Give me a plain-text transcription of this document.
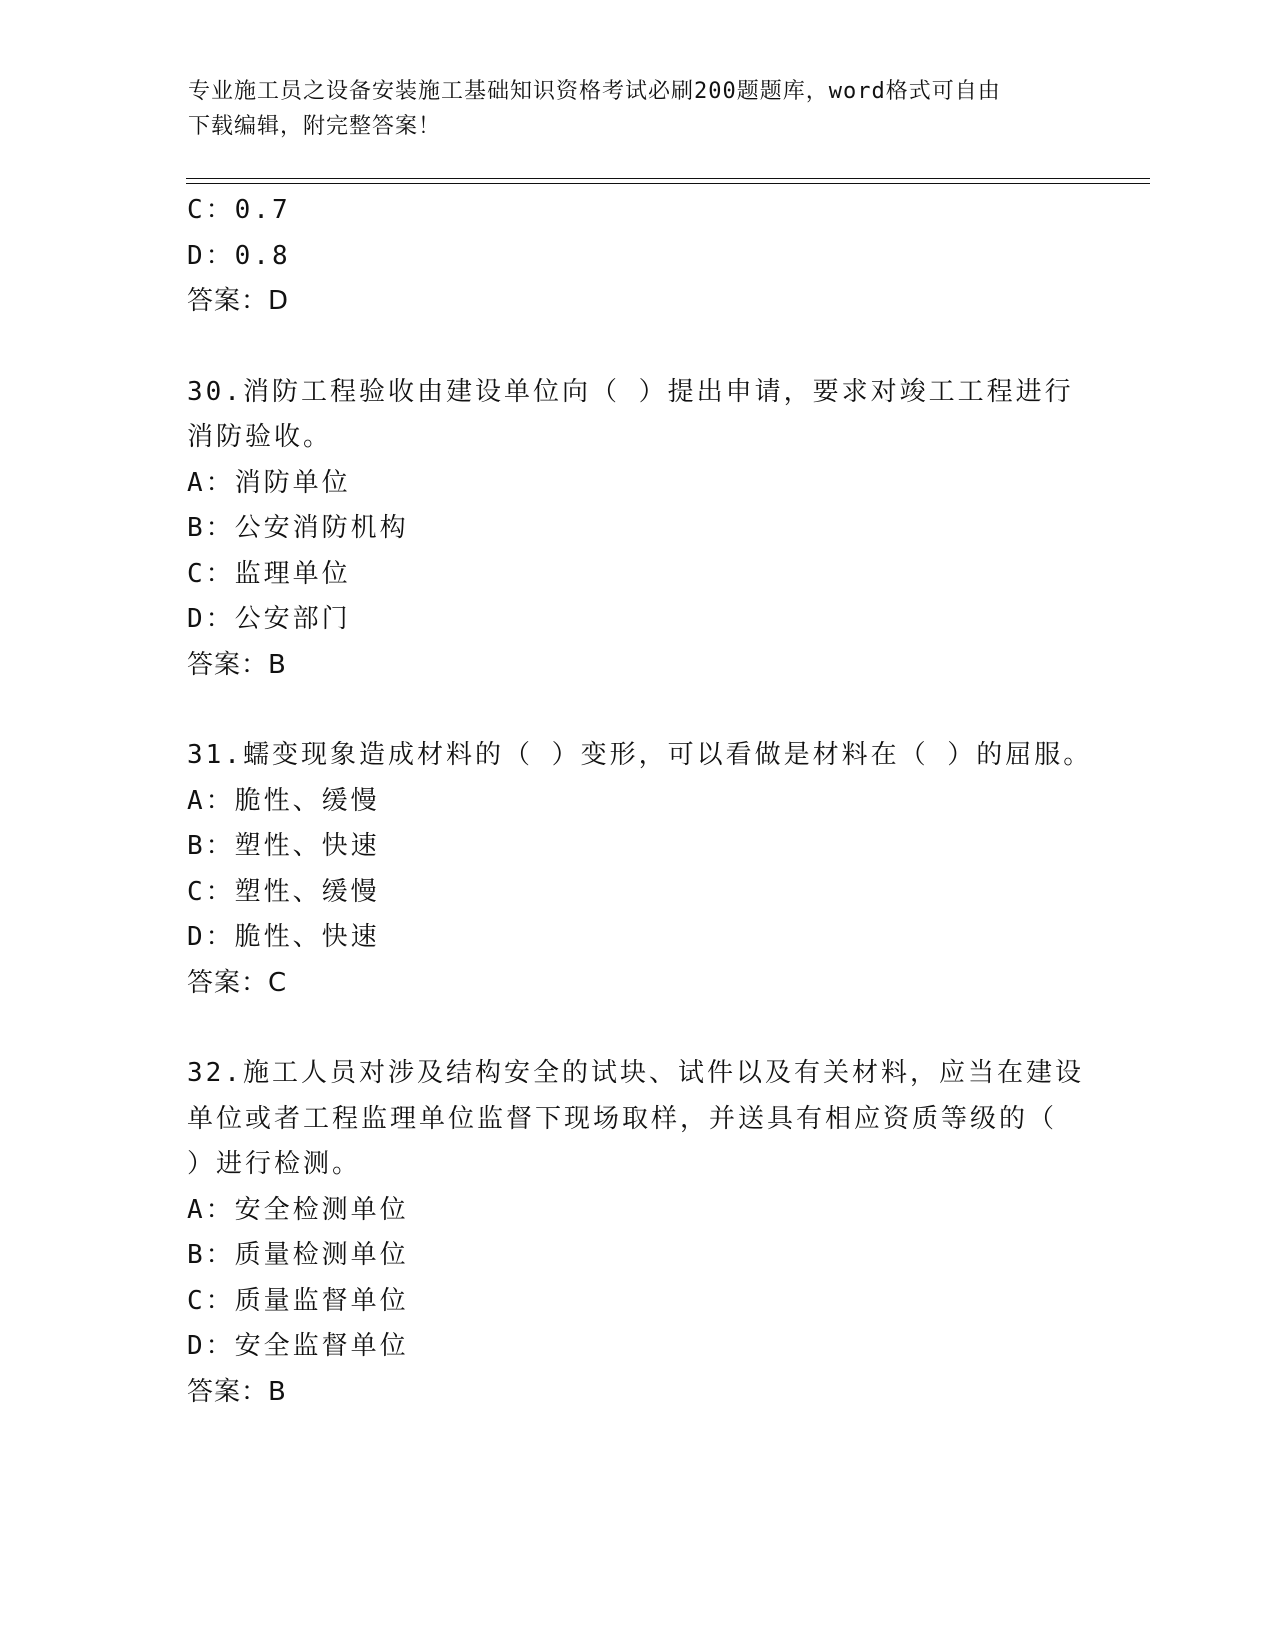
专业施工员之设备安装施工基础知识资格考试必刷200题题库，word格式可自由
下载编辑，附完整答案！
C：0.7
D：0.8
答案：D
30.消防工程验收由建设单位向（ ）提出申请，要求对竣工工程进行
消防验收。
A：消防单位
B：公安消防机构
C：监理单位
D：公安部门
答案：B
31.蠕变现象造成材料的（ ）变形，可以看做是材料在（ ）的屈服。
A：脆性、缓慢
B：塑性、快速
C：塑性、缓慢
D：脆性、快速
答案：C
32.施工人员对涉及结构安全的试块、试件以及有关材料，应当在建设
单位或者工程监理单位监督下现场取样，并送具有相应资质等级的（
）进行检测。
A：安全检测单位
B：质量检测单位
C：质量监督单位
D：安全监督单位
答案：B
